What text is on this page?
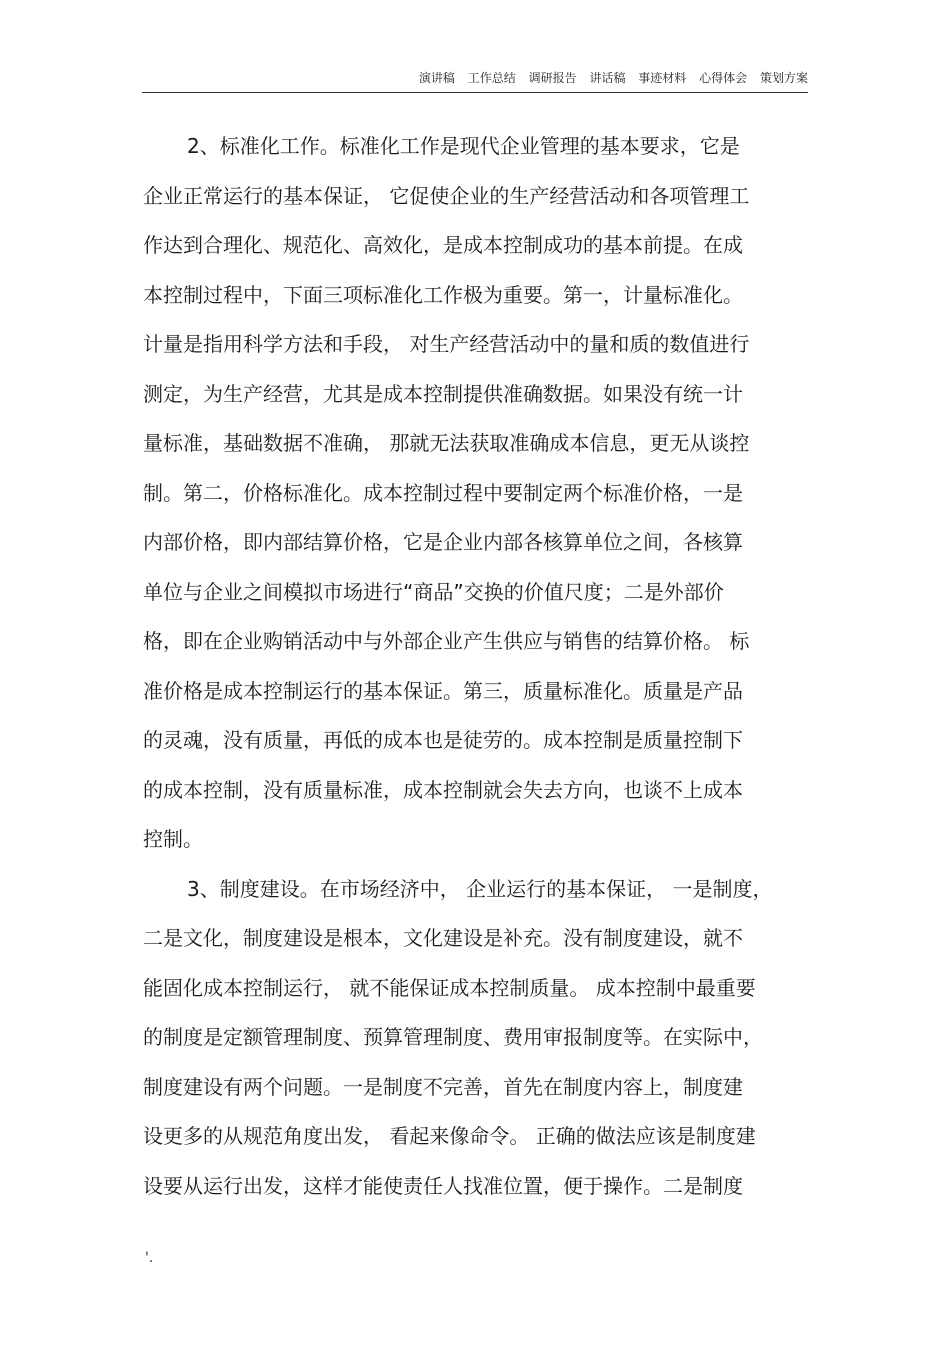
演讲稿 工作总结 调研报告 讲话稿 事迹材料 心得体会 策划方案
2、标准化工作。标准化工作是现代企业管理的基本要求，它是
企业正常运行的基本保证， 它促使企业的生产经营活动和各项管理工
作达到合理化、规范化、高效化，是成本控制成功的基本前提。在成
本控制过程中，下面三项标准化工作极为重要。第一，计量标准化。
计量是指用科学方法和手段， 对生产经营活动中的量和质的数值进行
测定，为生产经营，尤其是成本控制提供准确数据。如果没有统一计
量标准，基础数据不准确， 那就无法获取准确成本信息，更无从谈控
制。第二，价格标准化。成本控制过程中要制定两个标准价格，一是
内部价格，即内部结算价格，它是企业内部各核算单位之间，各核算
单位与企业之间模拟市场进行“商品”交换的价值尺度；二是外部价
格，即在企业购销活动中与外部企业产生供应与销售的结算价格。 标
准价格是成本控制运行的基本保证。第三，质量标准化。质量是产品
的灵魂，没有质量，再低的成本也是徒劳的。成本控制是质量控制下
的成本控制，没有质量标准，成本控制就会失去方向，也谈不上成本
控制。
3、制度建设。在市场经济中， 企业运行的基本保证， 一是制度，
二是文化，制度建设是根本，文化建设是补充。没有制度建设，就不
能固化成本控制运行， 就不能保证成本控制质量。 成本控制中最重要
的制度是定额管理制度、预算管理制度、费用审报制度等。在实际中，
制度建设有两个问题。一是制度不完善，首先在制度内容上，制度建
设更多的从规范角度出发， 看起来像命令。 正确的做法应该是制度建
设要从运行出发，这样才能使责任人找准位置，便于操作。二是制度
'.
